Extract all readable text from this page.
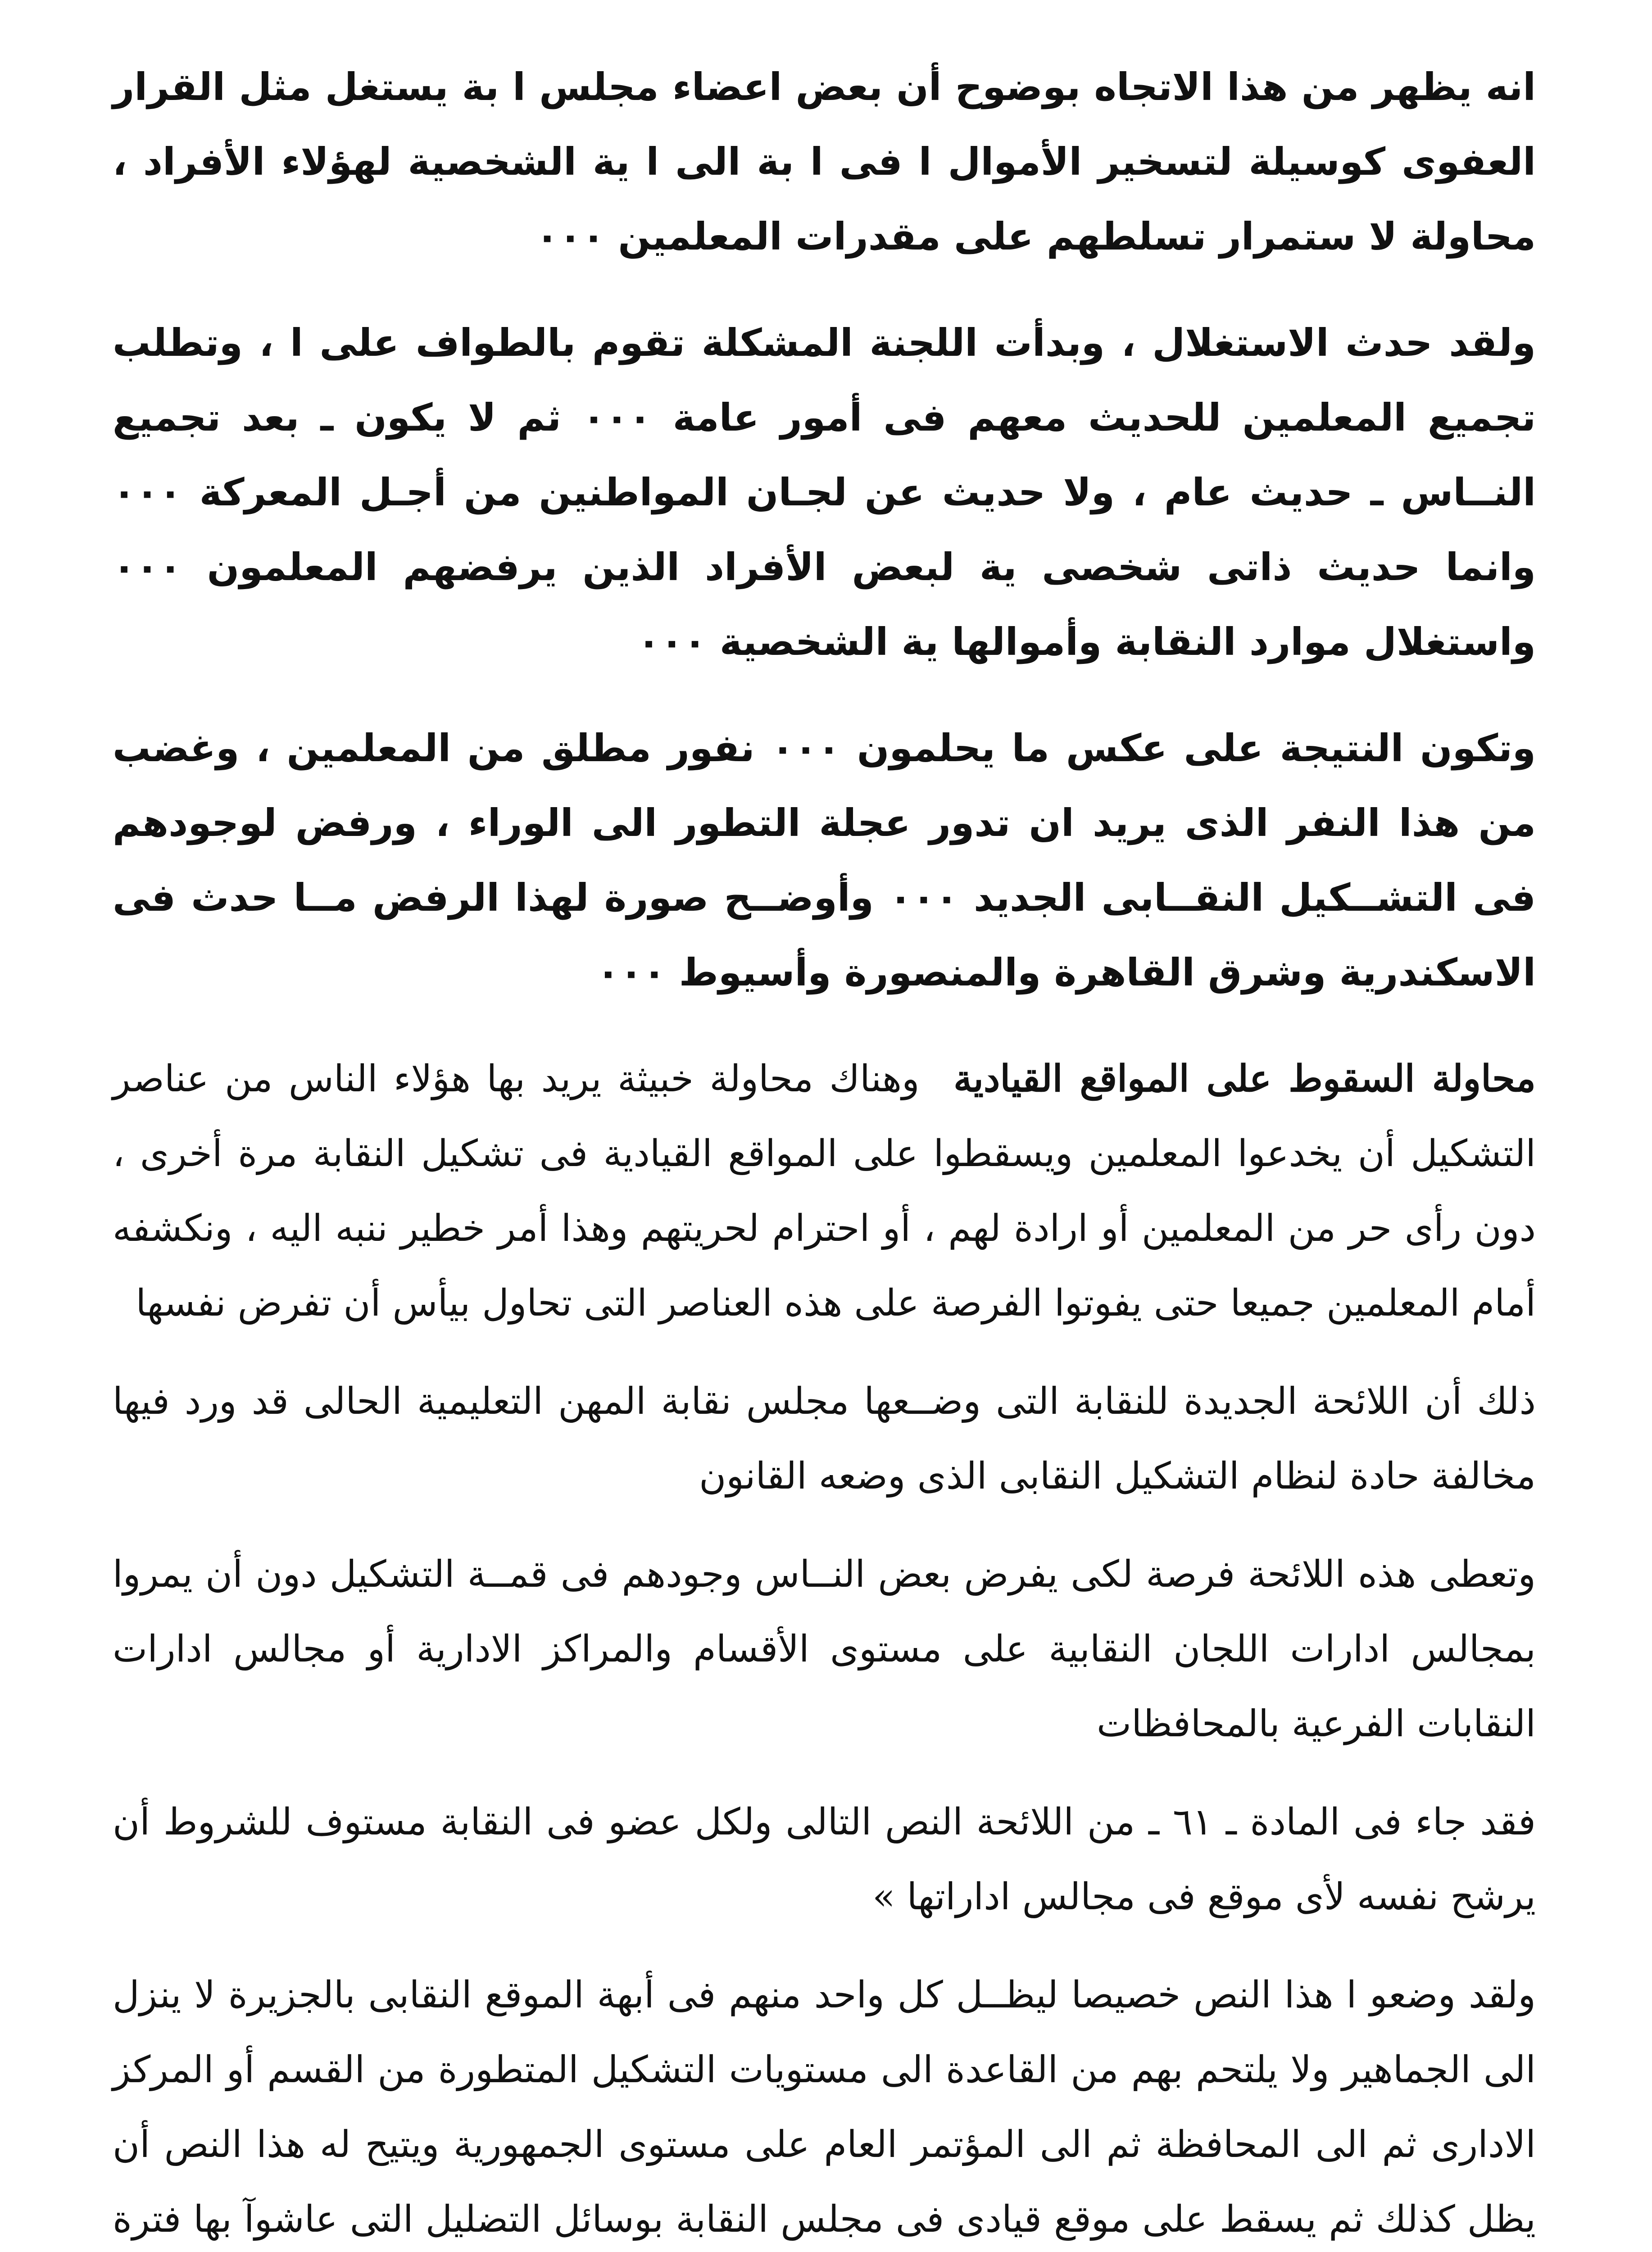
انه يظهر من هذا الاتجاه بوضوح أن بعض اعضاء مجلس ا بة يستغل مثل القرار العفوى كوسيلة لتسخير الأموال ا فى ا بة الى ا ية الشخصية لهؤلاء الأفراد ، محاولة لا ستمرار تسلطهم على مقدرات المعلمين ٠٠٠

ولقد حدث الاستغلال ، وبدأت اللجنة المشكلة تقوم بالطواف على ا ، وتطلب تجميع المعلمين للحديث معهم فى أمور عامة ٠٠٠ ثم لا يكون ـ بعد تجميع النــاس ـ حديث عام ، ولا حديث عن لجـان المواطنين من أجـل المعركة ٠٠٠ وانما حديث ذاتى شخصى ية لبعض الأفراد الذين يرفضهم المعلمون ٠٠٠ واستغلال موارد النقابة وأموالها ية الشخصية ٠٠٠

وتكون النتيجة على عكس ما يحلمون ٠٠٠ نفور مطلق من المعلمين ، وغضب من هذا النفر الذى يريد ان تدور عجلة التطور الى الوراء ، ورفض لوجودهم فى التشــكيل النقــابى الجديد ٠٠٠ وأوضــح صورة لهذا الرفض مــا حدث فى الاسكندرية وشرق القاهرة والمنصورة وأسيوط ٠٠٠

محاولة السقوط على المواقع القيادية وهناك محاولة خبيثة يريد بها هؤلاء الناس من عناصر التشكيل أن يخدعوا المعلمين ويسقطوا على المواقع القيادية فى تشكيل النقابة مرة أخرى ، دون رأى حر من المعلمين أو ارادة لهم ، أو احترام لحريتهم وهذا أمر خطير ننبه اليه ، ونكشفه أمام المعلمين جميعا حتى يفوتوا الفرصة على هذه العناصر التى تحاول بيأس أن تفرض نفسها

ذلك أن اللائحة الجديدة للنقابة التى وضــعها مجلس نقابة المهن التعليمية الحالى قد ورد فيها مخالفة حادة لنظام التشكيل النقابى الذى وضعه القانون

وتعطى هذه اللائحة فرصة لكى يفرض بعض النــاس وجودهم فى قمــة التشكيل دون أن يمروا بمجالس ادارات اللجان النقابية على مستوى الأقسام والمراكز الادارية أو مجالس ادارات النقابات الفرعية بالمحافظات

فقد جاء فى المادة ـ ٦١ ـ من اللائحة النص التالى ولكل عضو فى النقابة مستوف للشروط أن يرشح نفسه لأى موقع فى مجالس اداراتها »

ولقد وضعو ا هذا النص خصيصا ليظــل كل واحد منهم فى أبهة الموقع النقابى بالجزيرة لا ينزل الى الجماهير ولا يلتحم بهم من القاعدة الى مستويات التشكيل المتطورة من القسم أو المركز الادارى ثم الى المحافظة ثم الى المؤتمر العام على مستوى الجمهورية ويتيح له هذا النص أن يظل كذلك ثم يسقط على موقع قيادى فى مجلس النقابة بوسائل التضليل التى عاشوآ بها فترة
